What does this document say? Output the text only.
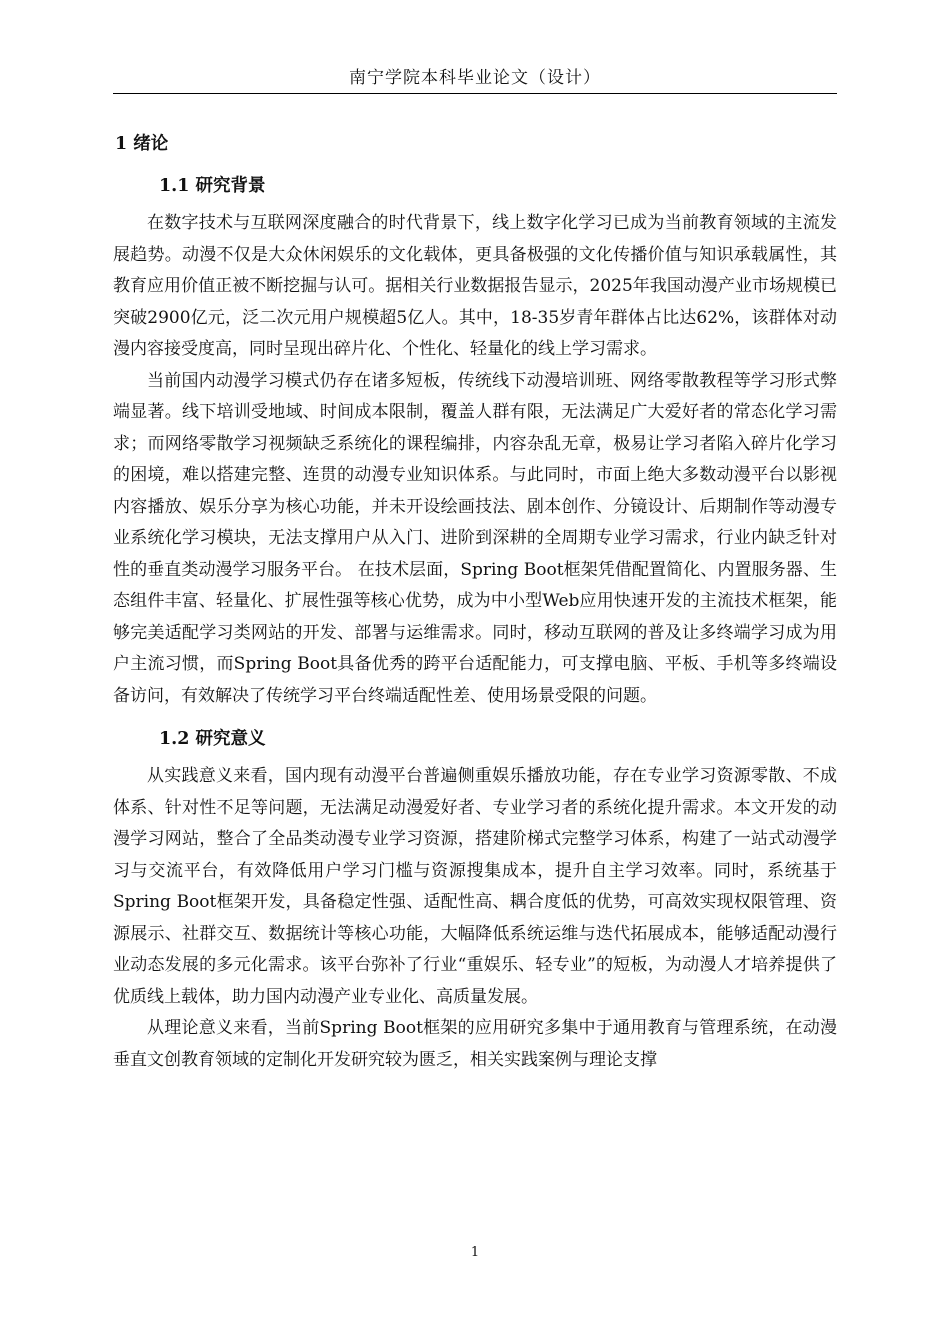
南宁学院本科毕业论文（设计）
1 绪论
1.1 研究背景

在数字技术与互联网深度融合的时代背景下，线上数字化学习已成为当前教育领域的主流发展趋势。动漫不仅是大众休闲娱乐的文化载体，更具备极强的文化传播价值与知识承载属性，其教育应用价值正被不断挖掘与认可。据相关行业数据报告显示，2025年我国动漫产业市场规模已突破2900亿元，泛二次元用户规模超5亿人。其中，18-35岁青年群体占比达62%，该群体对动漫内容接受度高，同时呈现出碎片化、个性化、轻量化的线上学习需求。

当前国内动漫学习模式仍存在诸多短板，传统线下动漫培训班、网络零散教程等学习形式弊端显著。线下培训受地域、时间成本限制，覆盖人群有限，无法满足广大爱好者的常态化学习需求；而网络零散学习视频缺乏系统化的课程编排，内容杂乱无章，极易让学习者陷入碎片化学习的困境，难以搭建完整、连贯的动漫专业知识体系。与此同时，市面上绝大多数动漫平台以影视内容播放、娱乐分享为核心功能，并未开设绘画技法、剧本创作、分镜设计、后期制作等动漫专业系统化学习模块，无法支撑用户从入门、进阶到深耕的全周期专业学习需求，行业内缺乏针对性的垂直类动漫学习服务平台。 在技术层面，Spring Boot框架凭借配置简化、内置服务器、生态组件丰富、轻量化、扩展性强等核心优势，成为中小型Web应用快速开发的主流技术框架，能够完美适配学习类网站的开发、部署与运维需求。同时，移动互联网的普及让多终端学习成为用户主流习惯，而Spring Boot具备优秀的跨平台适配能力，可支撑电脑、平板、手机等多终端设备访问，有效解决了传统学习平台终端适配性差、使用场景受限的问题。

1.2 研究意义

从实践意义来看，国内现有动漫平台普遍侧重娱乐播放功能，存在专业学习资源零散、不成体系、针对性不足等问题，无法满足动漫爱好者、专业学习者的系统化提升需求。本文开发的动漫学习网站，整合了全品类动漫专业学习资源，搭建阶梯式完整学习体系，构建了一站式动漫学习与交流平台，有效降低用户学习门槛与资源搜集成本，提升自主学习效率。同时，系统基于Spring Boot框架开发，具备稳定性强、适配性高、耦合度低的优势，可高效实现权限管理、资源展示、社群交互、数据统计等核心功能，大幅降低系统运维与迭代拓展成本，能够适配动漫行业动态发展的多元化需求。该平台弥补了行业“重娱乐、轻专业”的短板，为动漫人才培养提供了优质线上载体，助力国内动漫产业专业化、高质量发展。

从理论意义来看，当前Spring Boot框架的应用研究多集中于通用教育与管理系统，在动漫垂直文创教育领域的定制化开发研究较为匮乏，相关实践案例与理论支撑

1
